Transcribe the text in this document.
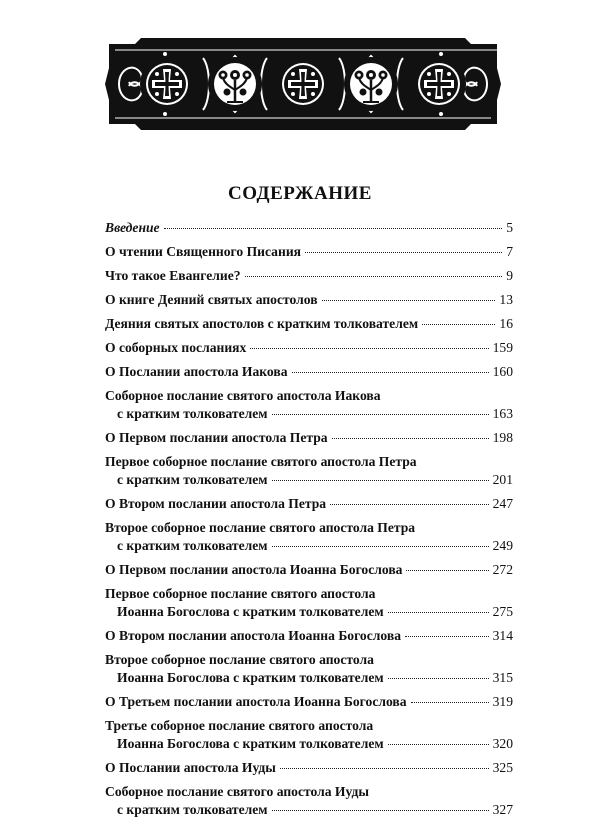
СОДЕРЖАНИЕ
Введение	5
О чтении Священного Писания	7
Что такое Евангелие?	9
О книге Деяний святых апостолов	13
Деяния святых апостолов с кратким толкователем	16
О соборных посланиях	159
О Послании апостола Иакова	160
Соборное послание святого апостола Иакова
с кратким толкователем	163
О Первом послании апостола Петра	198
Первое соборное послание святого апостола Петра
с кратким толкователем	201
О Втором послании апостола Петра	247
Второе соборное послание святого апостола Петра
с кратким толкователем	249
О Первом послании апостола Иоанна Богослова	272
Первое соборное послание святого апостола
Иоанна Богослова с кратким толкователем	275
О Втором послании апостола Иоанна Богослова	314
Второе соборное послание святого апостола
Иоанна Богослова с кратким толкователем	315
О Третьем послании апостола Иоанна Богослова	319
Третье соборное послание святого апостола
Иоанна Богослова с кратким толкователем	320
О Послании апостола Иуды	325
Соборное послание святого апостола Иуды
с кратким толкователем	327
